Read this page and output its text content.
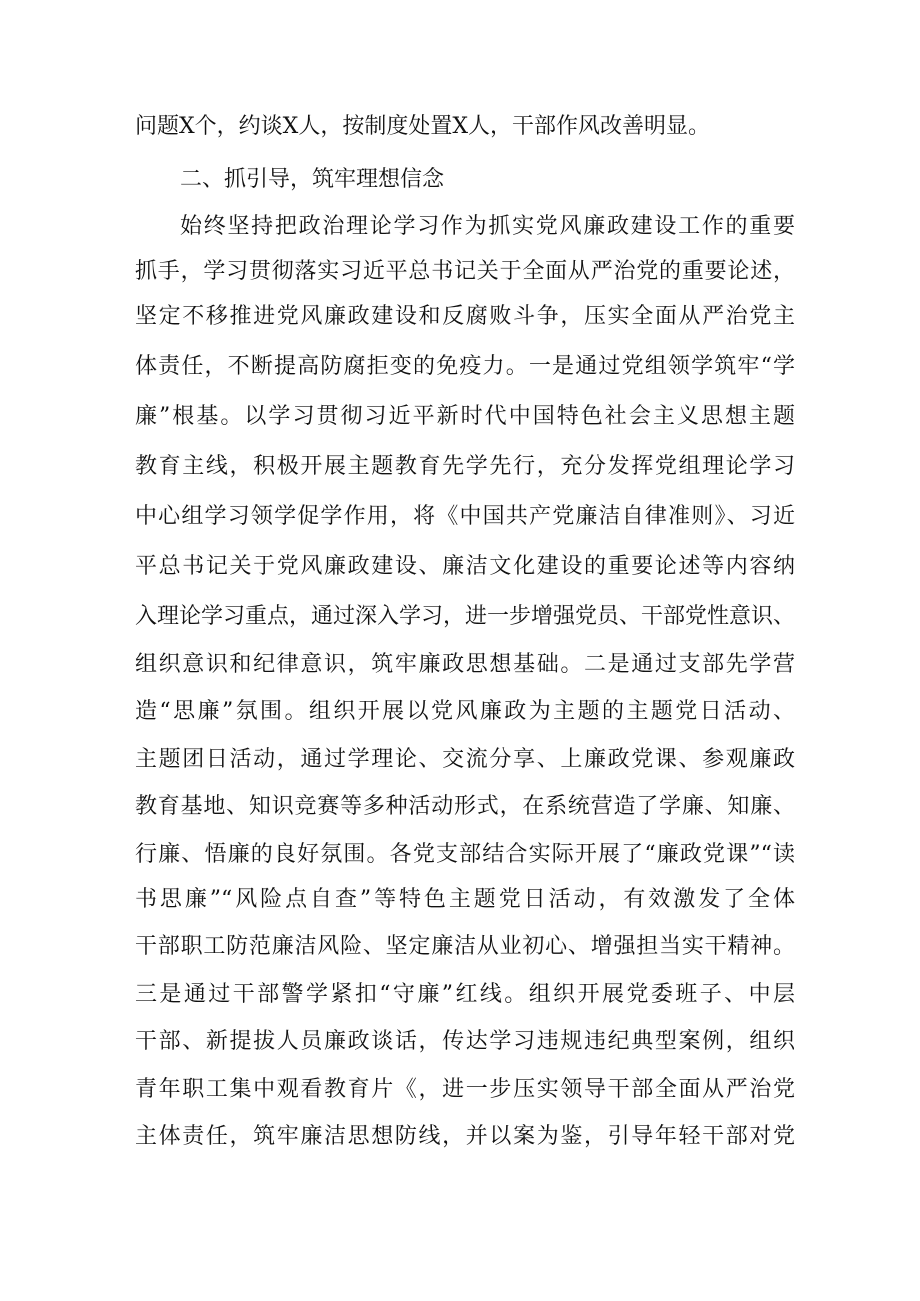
问题X个，约谈X人，按制度处置X人，干部作风改善明显。
二、抓引导，筑牢理想信念
始终坚持把政治理论学习作为抓实党风廉政建设工作的重要
抓手，学习贯彻落实习近平总书记关于全面从严治党的重要论述，
坚定不移推进党风廉政建设和反腐败斗争，压实全面从严治党主
体责任，不断提高防腐拒变的免疫力。一是通过党组领学筑牢“学
廉”根基。以学习贯彻习近平新时代中国特色社会主义思想主题
教育主线，积极开展主题教育先学先行，充分发挥党组理论学习
中心组学习领学促学作用，将《中国共产党廉洁自律准则》、习近
平总书记关于党风廉政建设、廉洁文化建设的重要论述等内容纳
入理论学习重点，通过深入学习，进一步增强党员、干部党性意识、
组织意识和纪律意识，筑牢廉政思想基础。二是通过支部先学营
造“思廉”氛围。组织开展以党风廉政为主题的主题党日活动、
主题团日活动，通过学理论、交流分享、上廉政党课、参观廉政
教育基地、知识竞赛等多种活动形式，在系统营造了学廉、知廉、
行廉、悟廉的良好氛围。各党支部结合实际开展了“廉政党课”“读
书思廉”“风险点自查”等特色主题党日活动，有效激发了全体
干部职工防范廉洁风险、坚定廉洁从业初心、增强担当实干精神。
三是通过干部警学紧扣“守廉”红线。组织开展党委班子、中层
干部、新提拔人员廉政谈话，传达学习违规违纪典型案例，组织
青年职工集中观看教育片《，进一步压实领导干部全面从严治党
主体责任，筑牢廉洁思想防线，并以案为鉴，引导年轻干部对党
